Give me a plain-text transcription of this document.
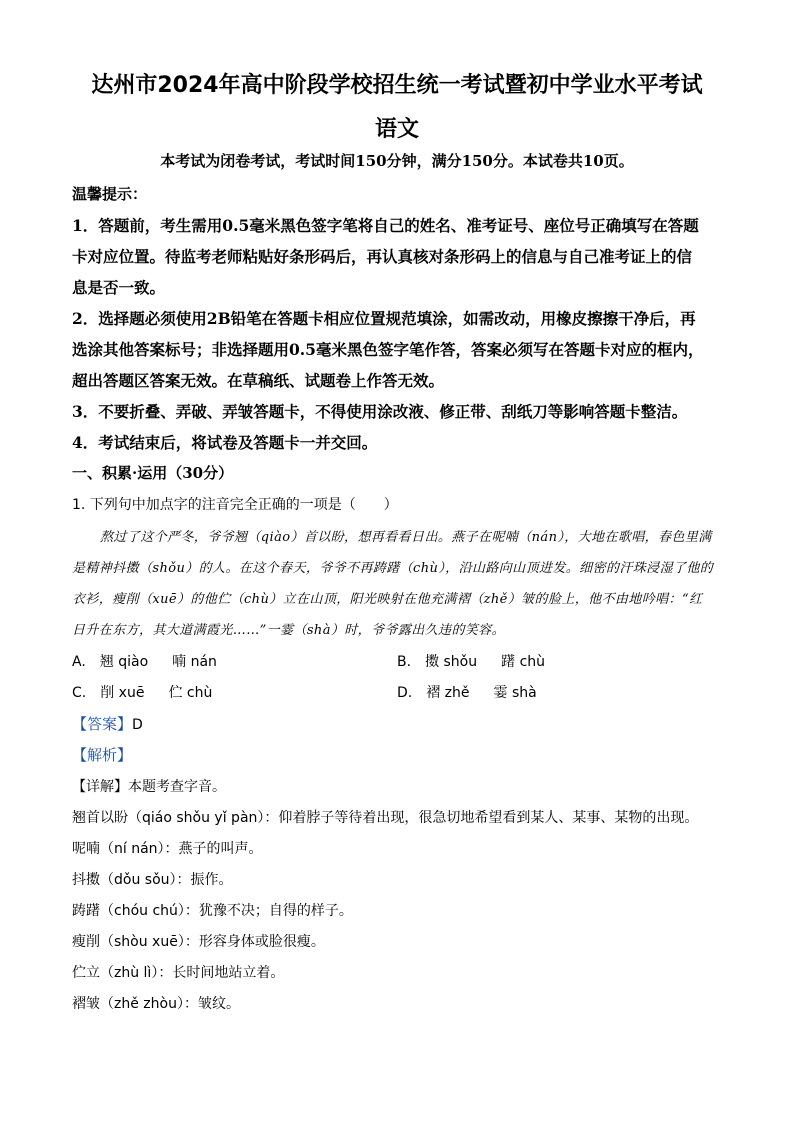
达州市2024年高中阶段学校招生统一考试暨初中学业水平考试
语文
本考试为闭卷考试，考试时间150分钟，满分150分。本试卷共10页。
温馨提示：
1．答题前，考生需用0.5毫米黑色签字笔将自己的姓名、准考证号、座位号正确填写在答题
卡对应位置。待监考老师粘贴好条形码后，再认真核对条形码上的信息与自己准考证上的信
息是否一致。
2．选择题必须使用2B铅笔在答题卡相应位置规范填涂，如需改动，用橡皮擦擦干净后，再
选涂其他答案标号；非选择题用0.5毫米黑色签字笔作答，答案必须写在答题卡对应的框内，
超出答题区答案无效。在草稿纸、试题卷上作答无效。
3．不要折叠、弄破、弄皱答题卡，不得使用涂改液、修正带、刮纸刀等影响答题卡整洁。
4．考试结束后，将试卷及答题卡一并交回。
一、积累·运用（30分）
1. 下列句中加点字的注音完全正确的一项是（　　）
熬过了这个严冬，爷爷翘（qiào）首以盼，想再看看日出。燕子在呢喃（nán），大地在歌唱，春色里满
是精神抖擞（shǒu）的人。在这个春天，爷爷不再踌躇（chù），沿山路向山顶进发。细密的汗珠浸湿了他的
衣衫，瘦削（xuē）的他伫（chù）立在山顶，阳光映射在他充满褶（zhě）皱的脸上，他不由地吟唱：“红
日升在东方，其大道满霞光……”一霎（shà）时，爷爷露出久违的笑容。
A. 翘 qiào 喃 nán	B. 擞 shǒu 躇 chù
C. 削 xuē 伫 chù	D. 褶 zhě 霎 shà
【答案】D
【解析】
【详解】本题考查字音。
翘首以盼（qiáo shǒu yǐ pàn）：仰着脖子等待着出现，很急切地希望看到某人、某事、某物的出现。
呢喃（ní nán）：燕子的叫声。
抖擞（dǒu sǒu）：振作。
踌躇（chóu chú）：犹豫不决；自得的样子。
瘦削（shòu xuē）：形容身体或脸很瘦。
伫立（zhù lì）：长时间地站立着。
褶皱（zhě zhòu）：皱纹。
